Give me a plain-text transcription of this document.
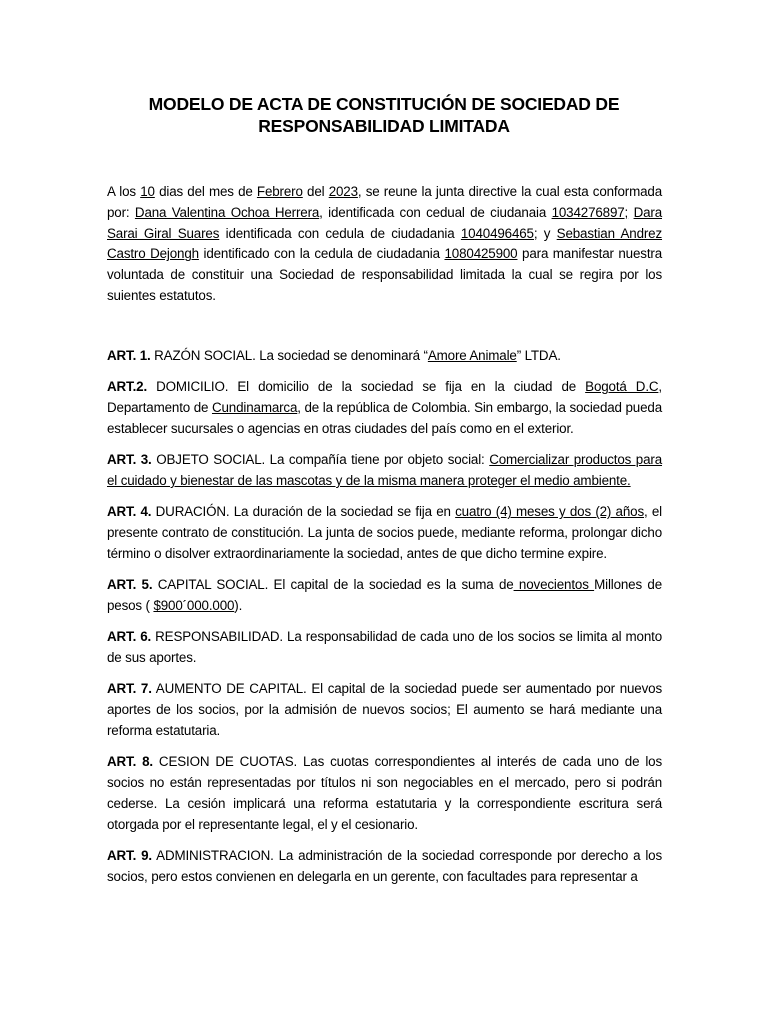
MODELO DE ACTA DE CONSTITUCIÓN DE SOCIEDAD DE
RESPONSABILIDAD LIMITADA
A los 10 dias del mes de Febrero del 2023, se reune la junta directive la cual esta conformada por: Dana Valentina Ochoa Herrera, identificada con cedual de ciudanaia 1034276897; Dara Sarai Giral Suares identificada con cedula de ciudadania 1040496465; y Sebastian Andrez Castro Dejongh identificado con la cedula de ciudadania 1080425900 para manifestar nuestra voluntada de constituir una Sociedad de responsabilidad limitada la cual se regira por los suientes estatutos.

ART. 1. RAZÓN SOCIAL. La sociedad se denominará “Amore Animale” LTDA.

ART.2. DOMICILIO. El domicilio de la sociedad se fija en la ciudad de Bogotá D.C, Departamento de Cundinamarca, de la república de Colombia. Sin embargo, la sociedad pueda establecer sucursales o agencias en otras ciudades del país como en el exterior.

ART. 3. OBJETO SOCIAL. La compañía tiene por objeto social: Comercializar productos para el cuidado y bienestar de las mascotas y de la misma manera proteger el medio ambiente.

ART. 4. DURACIÓN. La duración de la sociedad se fija en cuatro (4) meses y dos (2) años, el presente contrato de constitución. La junta de socios puede, mediante reforma, prolongar dicho término o disolver extraordinariamente la sociedad, antes de que dicho termine expire.

ART. 5. CAPITAL SOCIAL. El capital de la sociedad es la suma de novecientos Millones de pesos ( $900´000.000).

ART. 6. RESPONSABILIDAD. La responsabilidad de cada uno de los socios se limita al monto de sus aportes.

ART. 7. AUMENTO DE CAPITAL. El capital de la sociedad puede ser aumentado por nuevos aportes de los socios, por la admisión de nuevos socios; El aumento se hará mediante una reforma estatutaria.

ART. 8. CESION DE CUOTAS. Las cuotas correspondientes al interés de cada uno de los socios no están representadas por títulos ni son negociables en el mercado, pero si podrán cederse. La cesión implicará una reforma estatutaria y la correspondiente escritura será otorgada por el representante legal, el y el cesionario.

ART. 9. ADMINISTRACION. La administración de la sociedad corresponde por derecho a los socios, pero estos convienen en delegarla en un gerente, con facultades para representar a
